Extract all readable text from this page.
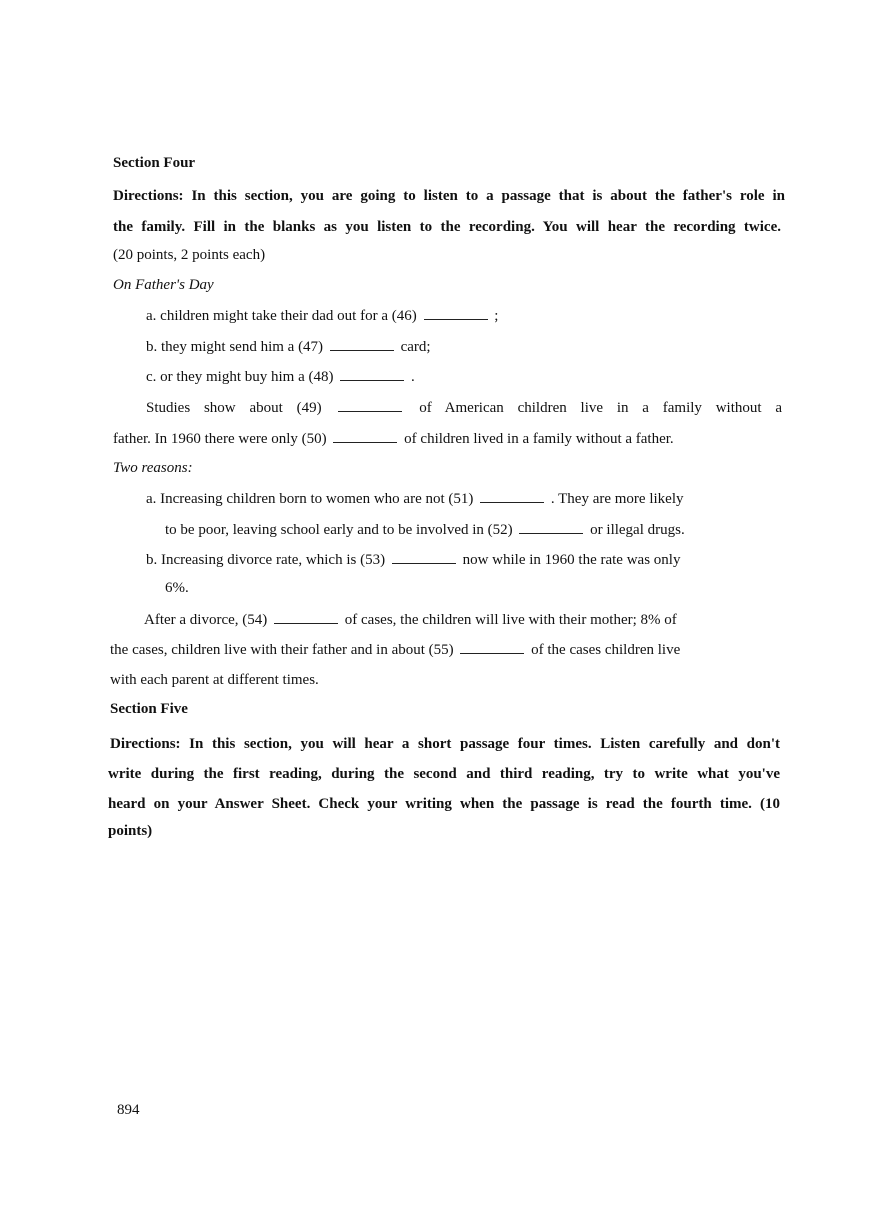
Section Four
Directions: In this section, you are going to listen to a passage that is about the father's role in
the family. Fill in the blanks as you listen to the recording. You will hear the recording twice.
(20 points, 2 points each)
On Father's Day
a. children might take their dad out for a (46)	;
b. they might send him a (47)	card;
c. or they might buy him a (48)	.
Studies show about (49)	of American children live in a family without a
father. In 1960 there were only (50)	of children lived in a family without a father.
Two reasons:
a. Increasing children born to women who are not (51)	. They are more likely
to be poor, leaving school early and to be involved in (52)	or illegal drugs.
b. Increasing divorce rate, which is (53)	now while in 1960 the rate was only
6%.
After a divorce, (54)	of cases, the children will live with their mother; 8% of
the cases, children live with their father and in about (55)	of the cases children live
with each parent at different times.
Section Five
Directions: In this section, you will hear a short passage four times. Listen carefully and don't
write during the first reading, during the second and third reading, try to write what you've
heard on your Answer Sheet. Check your writing when the passage is read the fourth time. (10
points)
894
